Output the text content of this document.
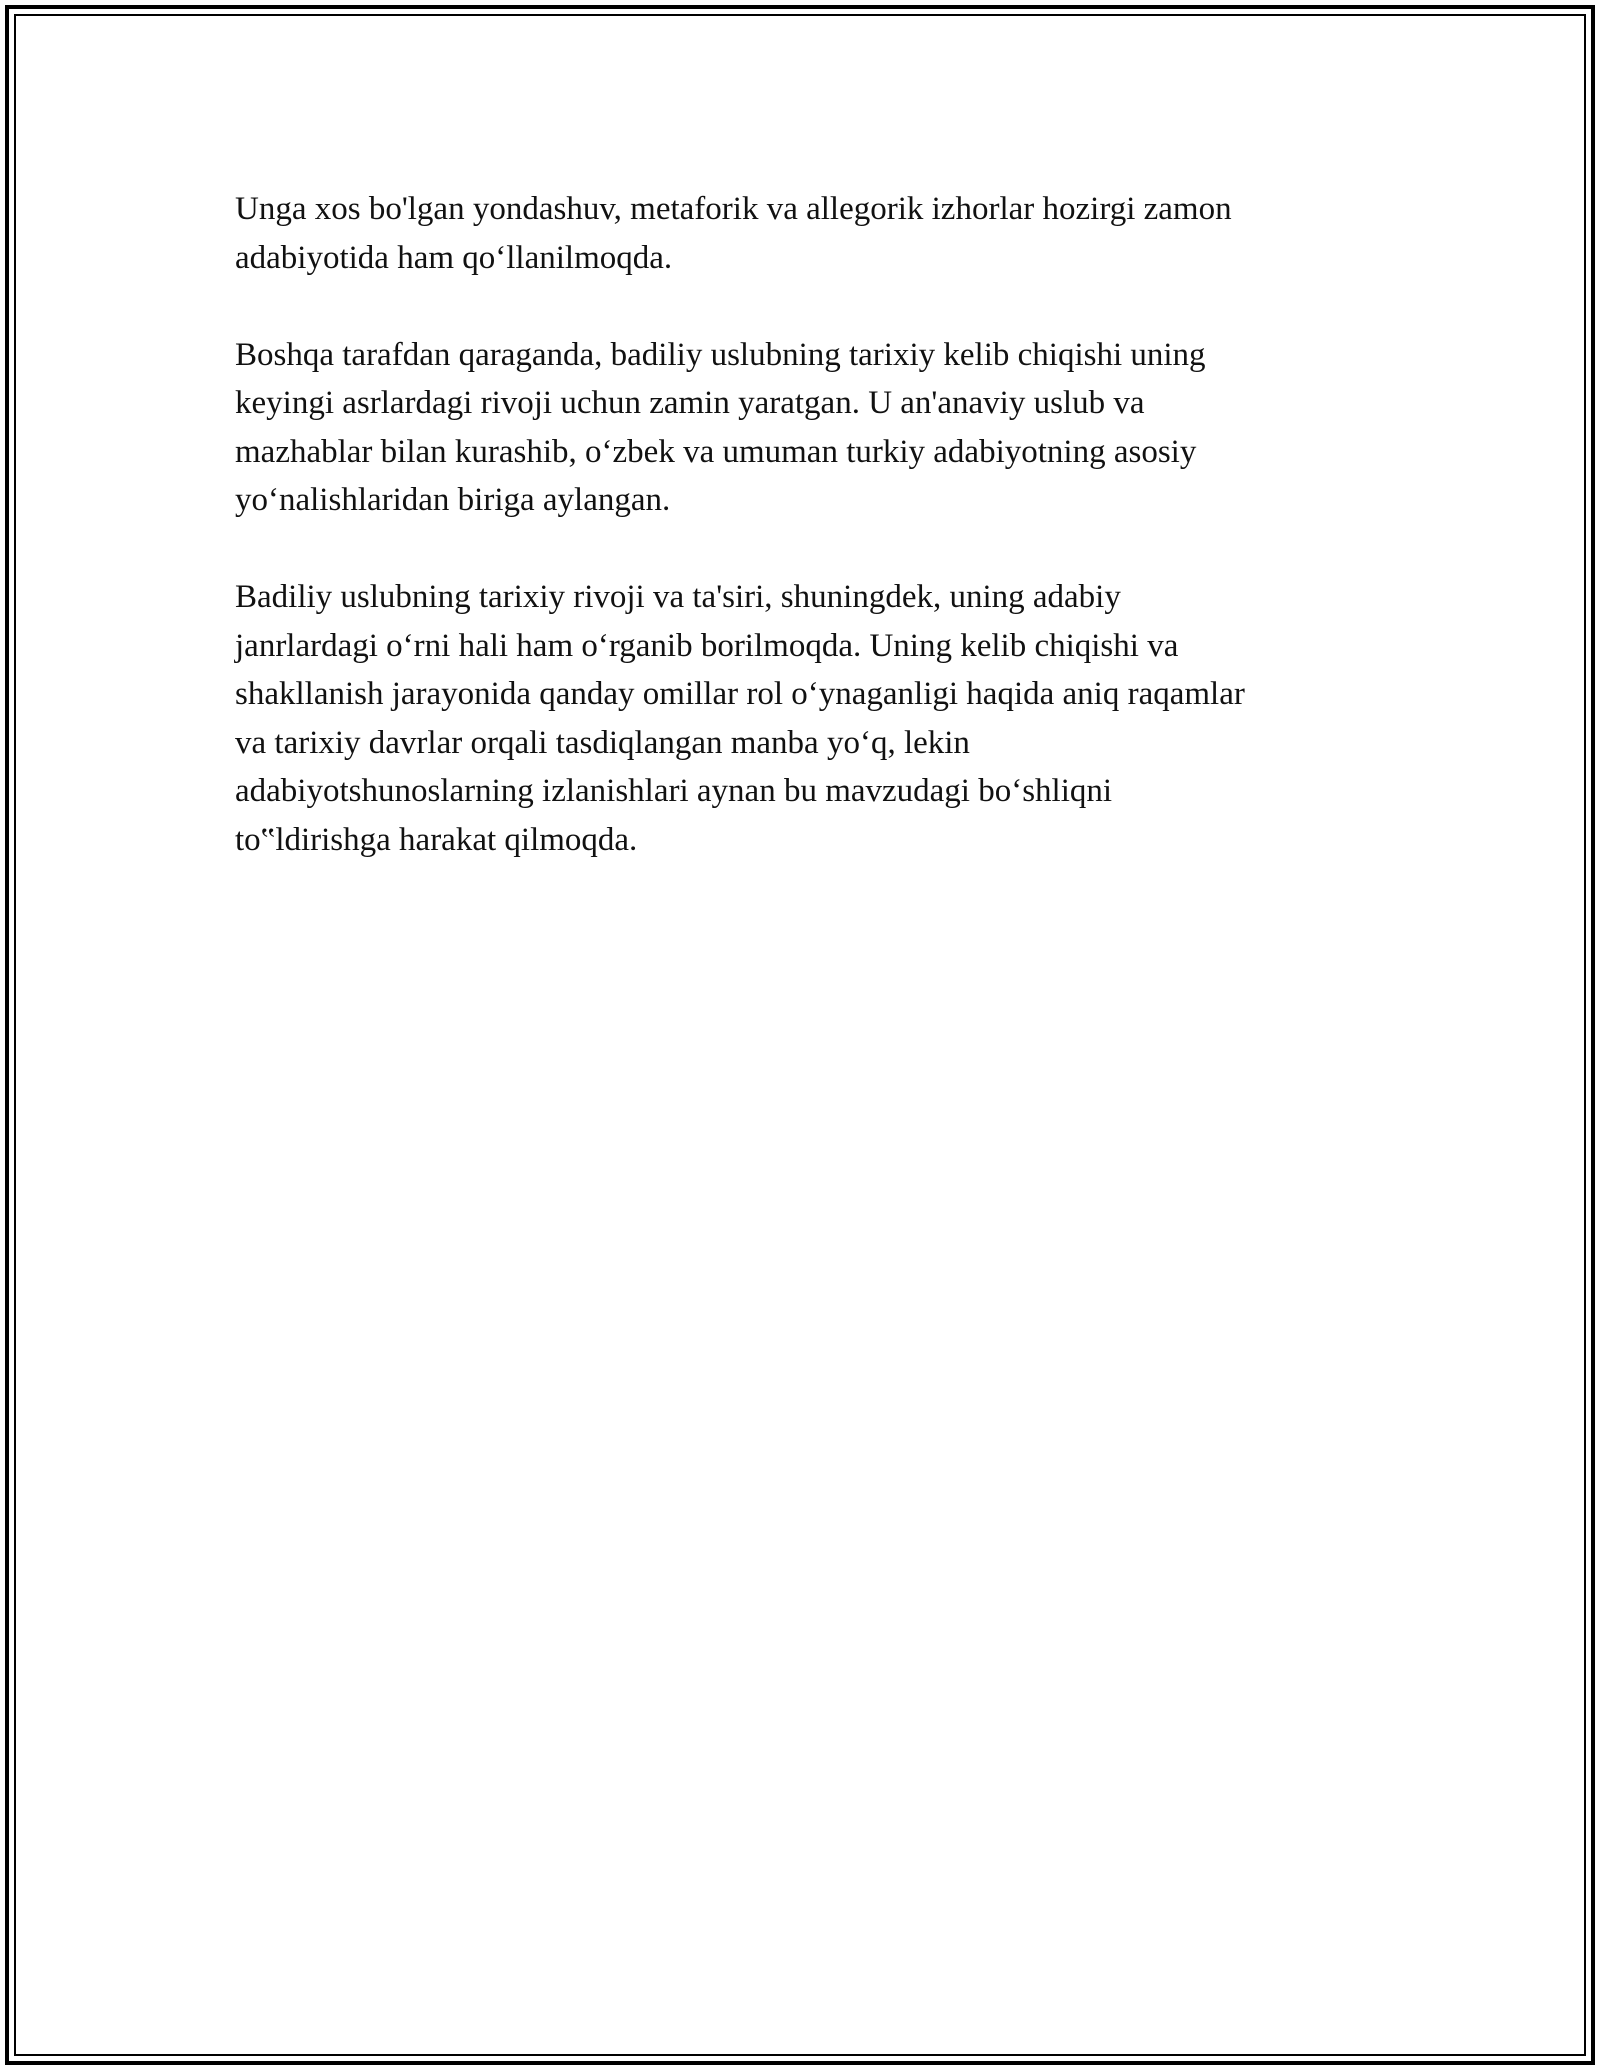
Unga xos bo'lgan yondashuv, metaforik va allegorik izhorlar hozirgi zamon
adabiyotida ham qo‘llanilmoqda.

Boshqa tarafdan qaraganda, badiliy uslubning tarixiy kelib chiqishi uning
keyingi asrlardagi rivoji uchun zamin yaratgan. U an'anaviy uslub va
mazhablar bilan kurashib, o‘zbek va umuman turkiy adabiyotning asosiy
yo‘nalishlaridan biriga aylangan.

Badiliy uslubning tarixiy rivoji va ta'siri, shuningdek, uning adabiy
janrlardagi o‘rni hali ham o‘rganib borilmoqda. Uning kelib chiqishi va
shakllanish jarayonida qanday omillar rol o‘ynaganligi haqida aniq raqamlar
va tarixiy davrlar orqali tasdiqlangan manba yo‘q, lekin
adabiyotshunoslarning izlanishlari aynan bu mavzudagi bo‘shliqni
to‟ldirishga harakat qilmoqda.
